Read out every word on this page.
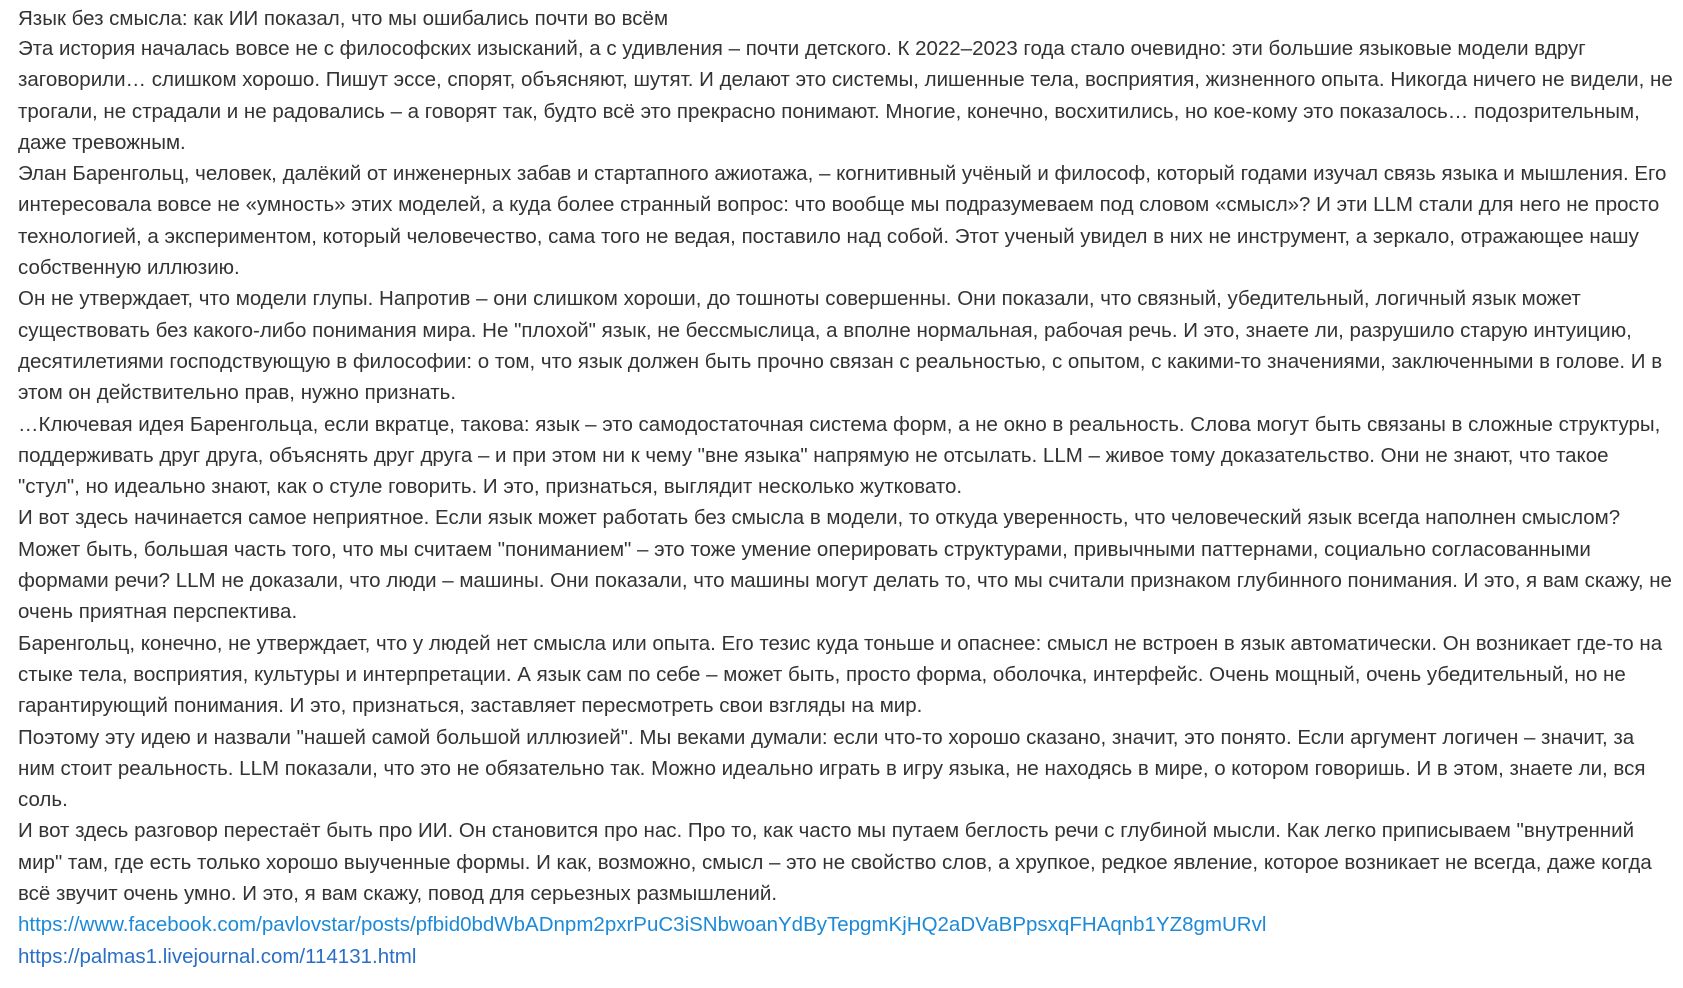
Язык без смысла: как ИИ показал, что мы ошибались почти во всём

Эта история началась вовсе не с философских изысканий, а с удивления – почти детского. К 2022–2023 года стало очевидно: эти большие языковые модели вдруг заговорили… слишком хорошо. Пишут эссе, спорят, объясняют, шутят. И делают это системы, лишенные тела, восприятия, жизненного опыта. Никогда ничего не видели, не трогали, не страдали и не радовались – а говорят так, будто всё это прекрасно понимают. Многие, конечно, восхитились, но кое-кому это показалось… подозрительным, даже тревожным.

Элан Баренгольц, человек, далёкий от инженерных забав и стартапного ажиотажа, – когнитивный учёный и философ, который годами изучал связь языка и мышления. Его интересовала вовсе не «умность» этих моделей, а куда более странный вопрос: что вообще мы подразумеваем под словом «смысл»? И эти LLM стали для него не просто технологией, а экспериментом, который человечество, сама того не ведая, поставило над собой. Этот ученый увидел в них не инструмент, а зеркало, отражающее нашу собственную иллюзию.

Он не утверждает, что модели глупы. Напротив – они слишком хороши, до тошноты совершенны. Они показали, что связный, убедительный, логичный язык может существовать без какого-либо понимания мира. Не "плохой" язык, не бессмыслица, а вполне нормальная, рабочая речь. И это, знаете ли, разрушило старую интуицию, десятилетиями господствующую в философии: о том, что язык должен быть прочно связан с реальностью, с опытом, с какими-то значениями, заключенными в голове. И в этом он действительно прав, нужно признать.

…Ключевая идея Баренгольца, если вкратце, такова: язык – это самодостаточная система форм, а не окно в реальность. Слова могут быть связаны в сложные структуры, поддерживать друг друга, объяснять друг друга – и при этом ни к чему "вне языка" напрямую не отсылать. LLM – живое тому доказательство. Они не знают, что такое "стул", но идеально знают, как о стуле говорить. И это, признаться, выглядит несколько жутковато.

И вот здесь начинается самое неприятное. Если язык может работать без смысла в модели, то откуда уверенность, что человеческий язык всегда наполнен смыслом? Может быть, большая часть того, что мы считаем "пониманием" – это тоже умение оперировать структурами, привычными паттернами, социально согласованными формами речи? LLM не доказали, что люди – машины. Они показали, что машины могут делать то, что мы считали признаком глубинного понимания. И это, я вам скажу, не очень приятная перспектива.

Баренгольц, конечно, не утверждает, что у людей нет смысла или опыта. Его тезис куда тоньше и опаснее: смысл не встроен в язык автоматически. Он возникает где-то на стыке тела, восприятия, культуры и интерпретации. А язык сам по себе – может быть, просто форма, оболочка, интерфейс. Очень мощный, очень убедительный, но не гарантирующий понимания. И это, признаться, заставляет пересмотреть свои взгляды на мир.

Поэтому эту идею и назвали "нашей самой большой иллюзией". Мы веками думали: если что-то хорошо сказано, значит, это понято. Если аргумент логичен – значит, за ним стоит реальность. LLM показали, что это не обязательно так. Можно идеально играть в игру языка, не находясь в мире, о котором говоришь. И в этом, знаете ли, вся соль.

И вот здесь разговор перестаёт быть про ИИ. Он становится про нас. Про то, как часто мы путаем беглость речи с глубиной мысли. Как легко приписываем "внутренний мир" там, где есть только хорошо выученные формы. И как, возможно, смысл – это не свойство слов, а хрупкое, редкое явление, которое возникает не всегда, даже когда всё звучит очень умно. И это, я вам скажу, повод для серьезных размышлений.

https://www.facebook.com/pavlovstar/posts/pfbid0bdWbADnpm2pxrPuC3iSNbwoanYdByTepgmKjHQ2aDVaBPpsxqFHAqnb1YZ8gmURvl
https://palmas1.livejournal.com/114131.html
